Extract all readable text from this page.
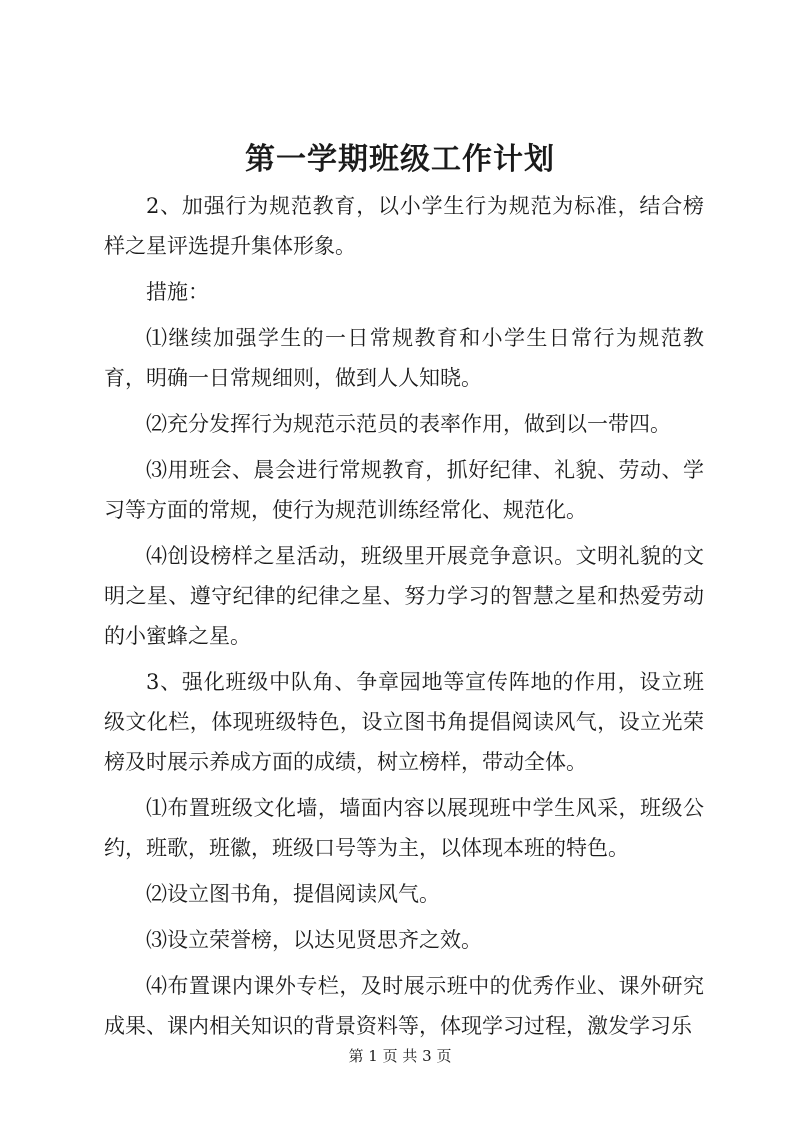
第一学期班级工作计划

2、加强行为规范教育，以小学生行为规范为标准，结合榜样之星评选提升集体形象。

措施：

⑴继续加强学生的一日常规教育和小学生日常行为规范教育，明确一日常规细则，做到人人知晓。

⑵充分发挥行为规范示范员的表率作用，做到以一带四。

⑶用班会、晨会进行常规教育，抓好纪律、礼貌、劳动、学习等方面的常规，使行为规范训练经常化、规范化。

⑷创设榜样之星活动，班级里开展竞争意识。文明礼貌的文明之星、遵守纪律的纪律之星、努力学习的智慧之星和热爱劳动的小蜜蜂之星。

3、强化班级中队角、争章园地等宣传阵地的作用，设立班级文化栏，体现班级特色，设立图书角提倡阅读风气，设立光荣榜及时展示养成方面的成绩，树立榜样，带动全体。

⑴布置班级文化墙，墙面内容以展现班中学生风采，班级公约，班歌，班徽，班级口号等为主，以体现本班的特色。

⑵设立图书角，提倡阅读风气。

⑶设立荣誉榜，以达见贤思齐之效。

⑷布置课内课外专栏，及时展示班中的优秀作业、课外研究成果、课内相关知识的背景资料等，体现学习过程，激发学习乐

第 1 页 共 3 页
